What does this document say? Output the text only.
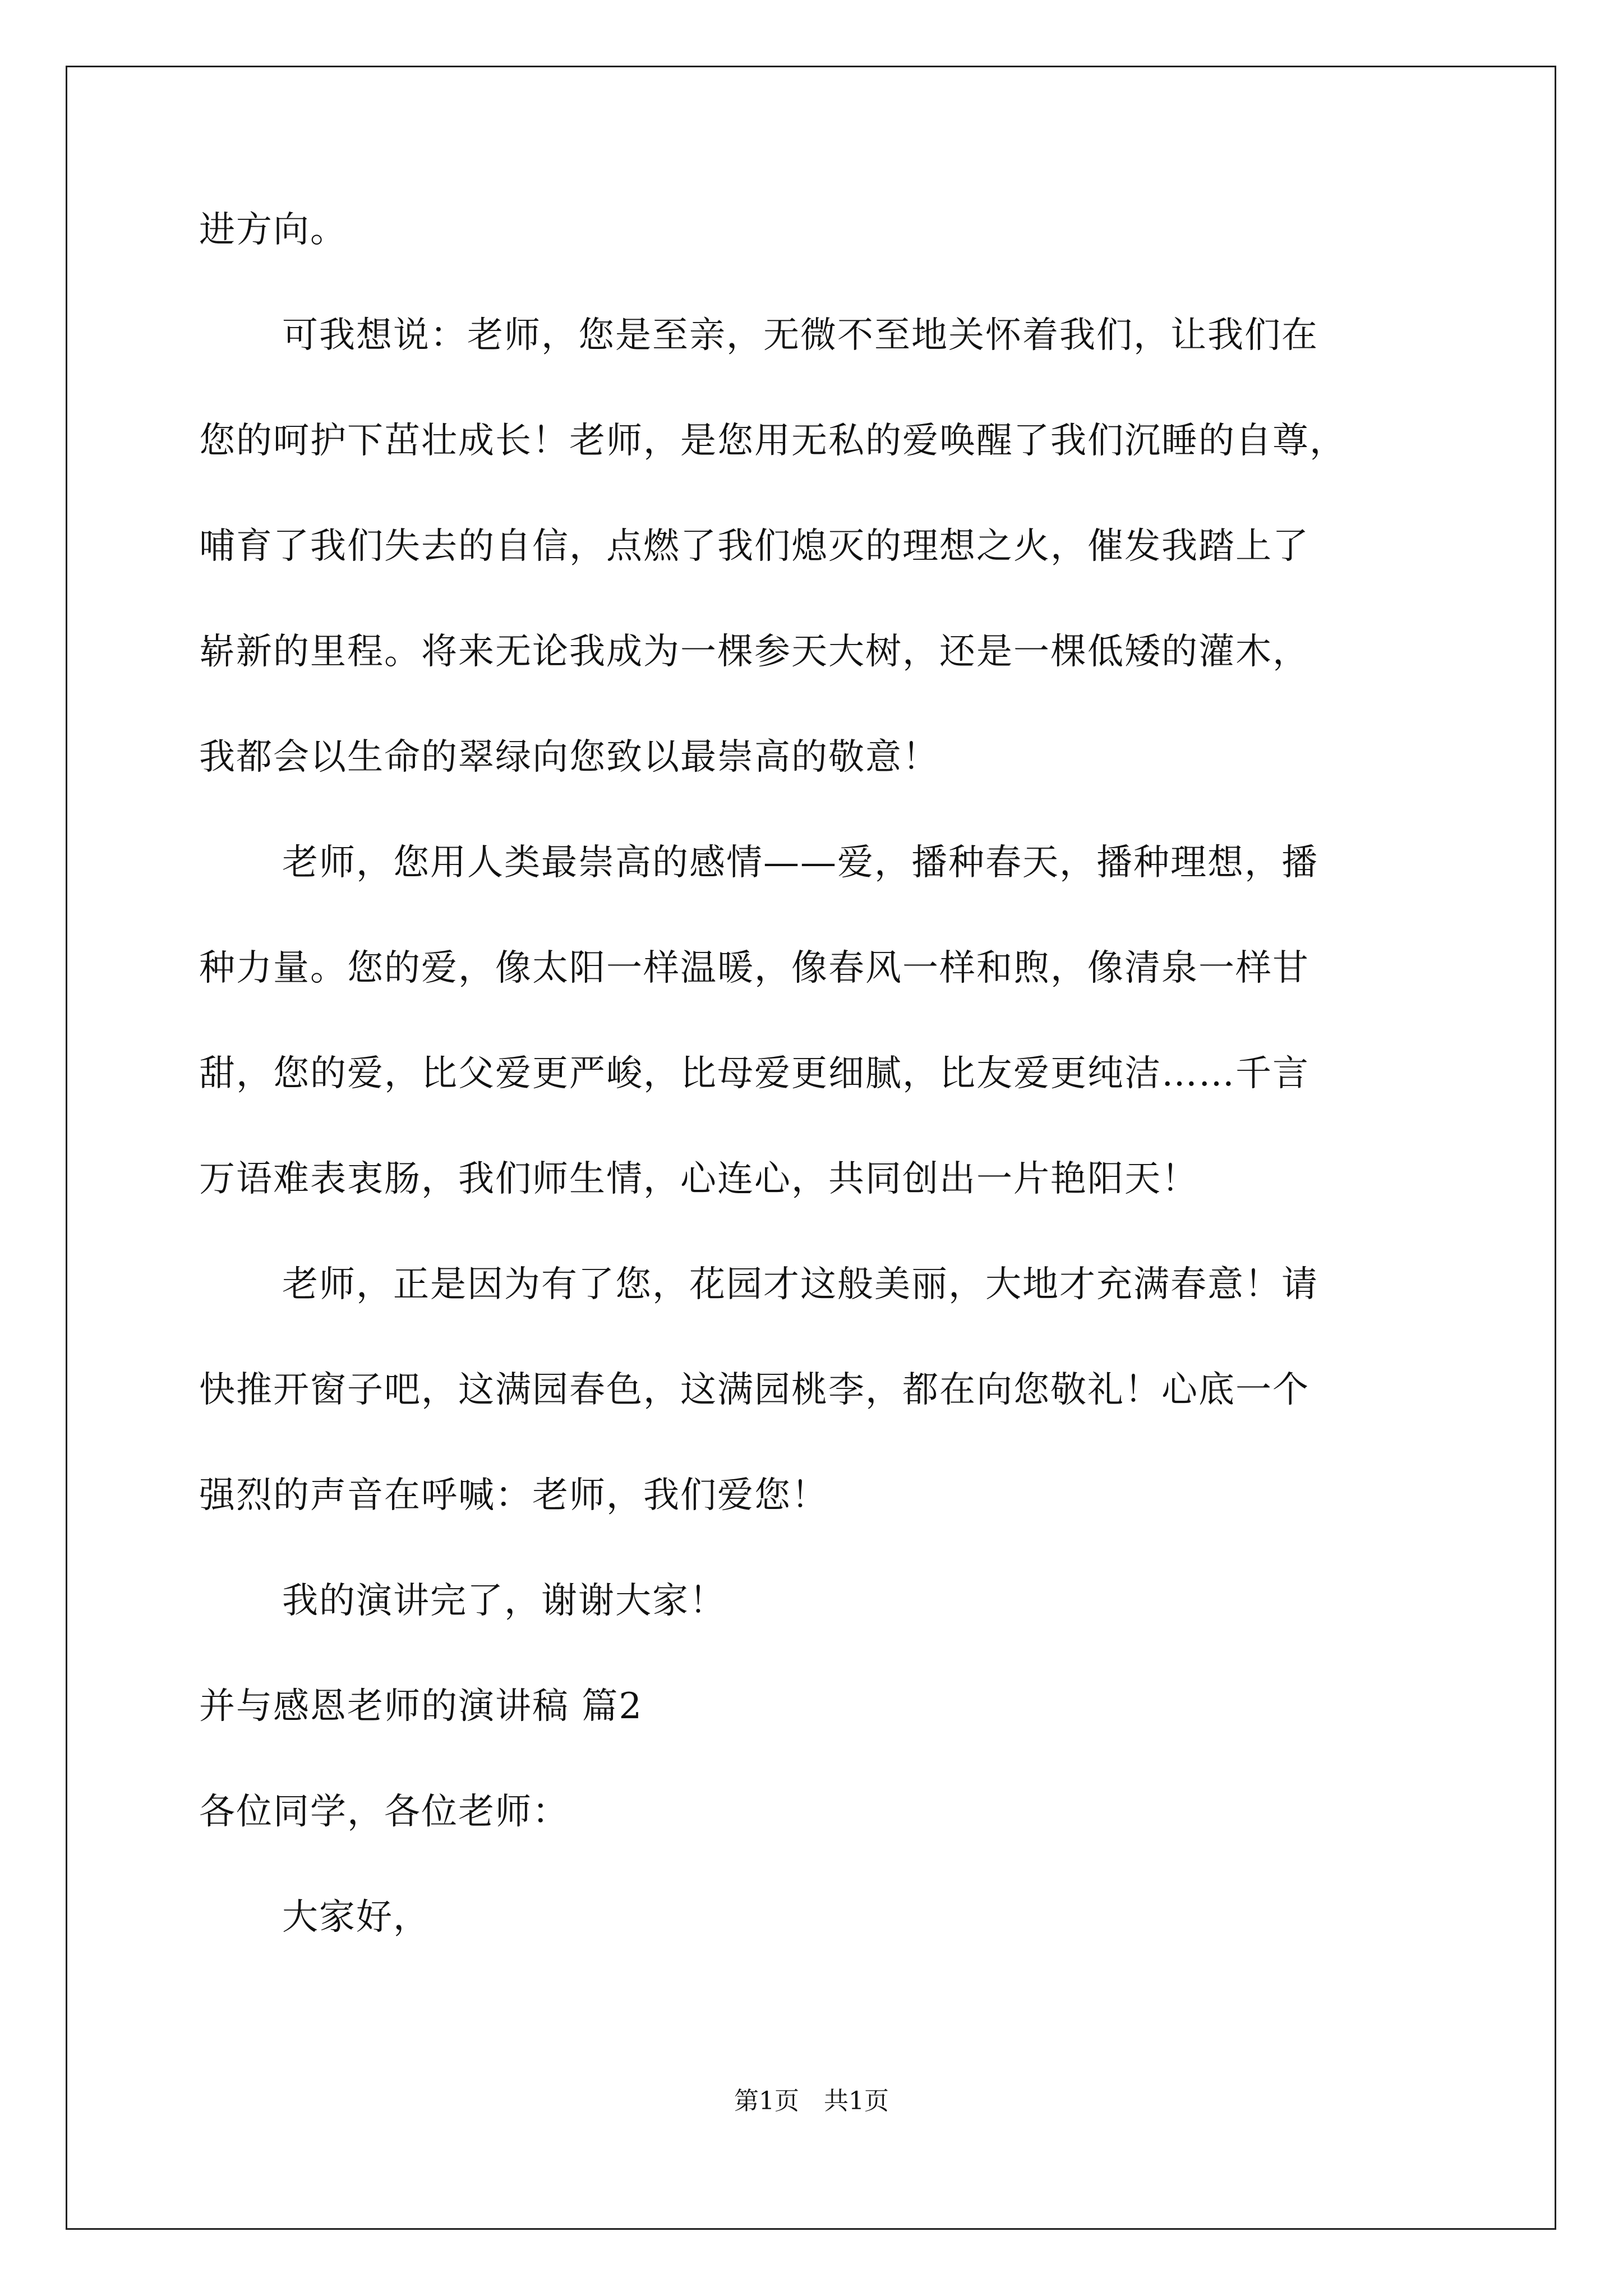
进方向。
可我想说：老师，您是至亲，无微不至地关怀着我们，让我们在
您的呵护下茁壮成长！老师，是您用无私的爱唤醒了我们沉睡的自尊，
哺育了我们失去的自信，点燃了我们熄灭的理想之火，催发我踏上了
崭新的里程。将来无论我成为一棵参天大树，还是一棵低矮的灌木，
我都会以生命的翠绿向您致以最崇高的敬意！
老师，您用人类最崇高的感情——爱，播种春天，播种理想，播
种力量。您的爱，像太阳一样温暖，像春风一样和煦，像清泉一样甘
甜，您的爱，比父爱更严峻，比母爱更细腻，比友爱更纯洁……千言
万语难表衷肠，我们师生情，心连心，共同创出一片艳阳天！
老师，正是因为有了您，花园才这般美丽，大地才充满春意！请
快推开窗子吧，这满园春色，这满园桃李，都在向您敬礼！心底一个
强烈的声音在呼喊：老师，我们爱您！
我的演讲完了，谢谢大家！
并与感恩老师的演讲稿 篇2
各位同学，各位老师：
大家好，
第1页　共1页
